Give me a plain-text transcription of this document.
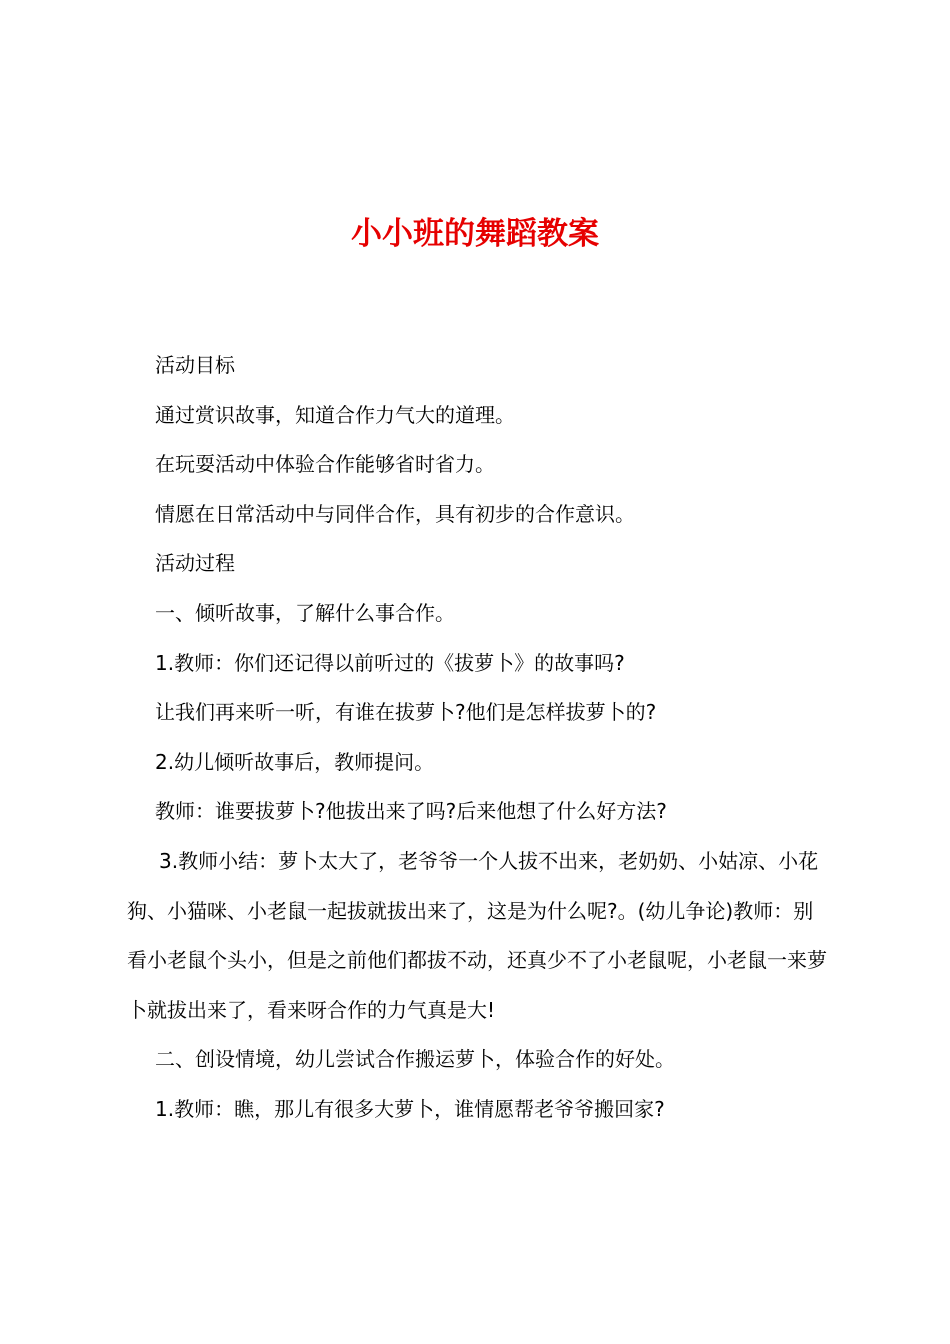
小小班的舞蹈教案

活动目标

通过赏识故事，知道合作力气大的道理。

在玩耍活动中体验合作能够省时省力。

情愿在日常活动中与同伴合作，具有初步的合作意识。

活动过程

一、倾听故事，了解什么事合作。

1.教师：你们还记得以前听过的《拔萝卜》的故事吗?

让我们再来听一听，有谁在拔萝卜?他们是怎样拔萝卜的?

2.幼儿倾听故事后，教师提问。

教师：谁要拔萝卜?他拔出来了吗?后来他想了什么好方法?

3.教师小结：萝卜太大了，老爷爷一个人拔不出来，老奶奶、小姑凉、小花狗、小猫咪、小老鼠一起拔就拔出来了，这是为什么呢?。(幼儿争论)教师：别看小老鼠个头小，但是之前他们都拔不动，还真少不了小老鼠呢，小老鼠一来萝卜就拔出来了，看来呀合作的力气真是大!

二、创设情境，幼儿尝试合作搬运萝卜，体验合作的好处。

1.教师：瞧，那儿有很多大萝卜，谁情愿帮老爷爷搬回家?
